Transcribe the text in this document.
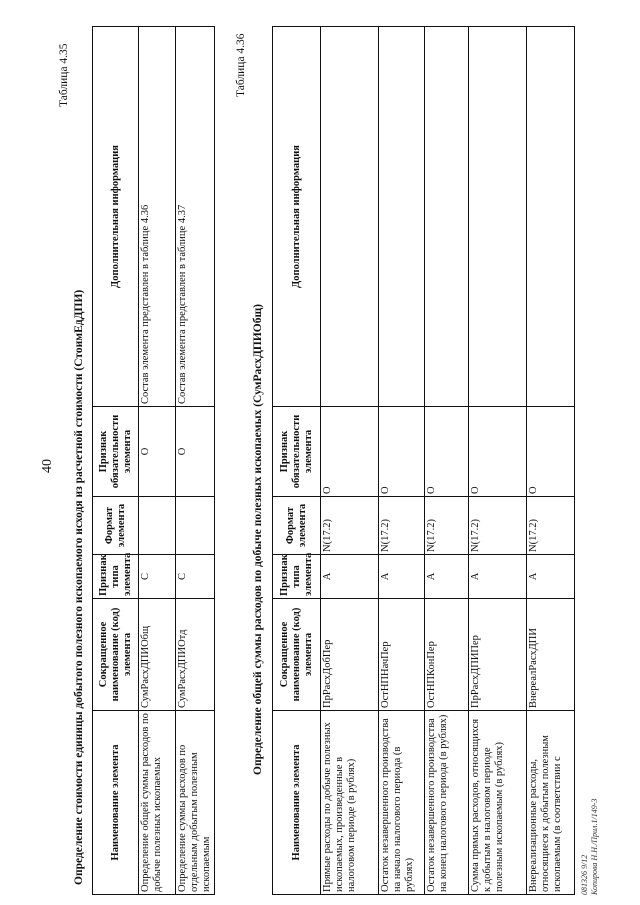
40
Таблица 4.35
Определение стоимости единицы добытого полезного ископаемого исходя из расчетной стоимости (СтоимЕдДПИ) Наименование элемента	Сокращенное наименование (код) элемента	Признак типа элемента	Формат элемента	Признак обязательности элемента	Дополнительная информация
Определение общей суммы расходов по добыче полезных ископаемых	СумРасхДПИОбщ	С		О	Состав элемента представлен в таблице 4.36
Определение суммы расходов по отдельным добытым полезным ископаемым	СумРасхДПИОтд	С		О	Состав элемента представлен в таблице 4.37
Таблица 4.36
Определение общей суммы расходов по добыче полезных ископаемых (СумРасхДПИОбщ)
Наименование элемента	Сокращенное наименование (код) элемента	Признак типа элемента	Формат элемента	Признак обязательности элемента	Дополнительная информация
Прямые расходы по добыче полезных ископаемых, произведенные в налоговом периоде (в рублях)	ПрРасхДобПер	А	N(17.2)	О	
Остаток незавершенного производства на начало налогового периода (в рублях)	ОстНПНачПер	А	N(17.2)	О	
Остаток незавершенного производства на конец налогового периода (в рублях)	ОстНПКонПер	А	N(17.2)	О	
Сумма прямых расходов, относящихся к добытым в налоговом периоде полезным ископаемым (в рублях)	ПрРасхДПИПер	А	N(17.2)	О	
Внереализационные расходы, относящиеся к добытым полезным ископаемым (в соответствии с	ВнереалРасхДПИ	А	N(17.2)	О	
081326 9/12 Копирова Н.Н./Прил.1/149-3
